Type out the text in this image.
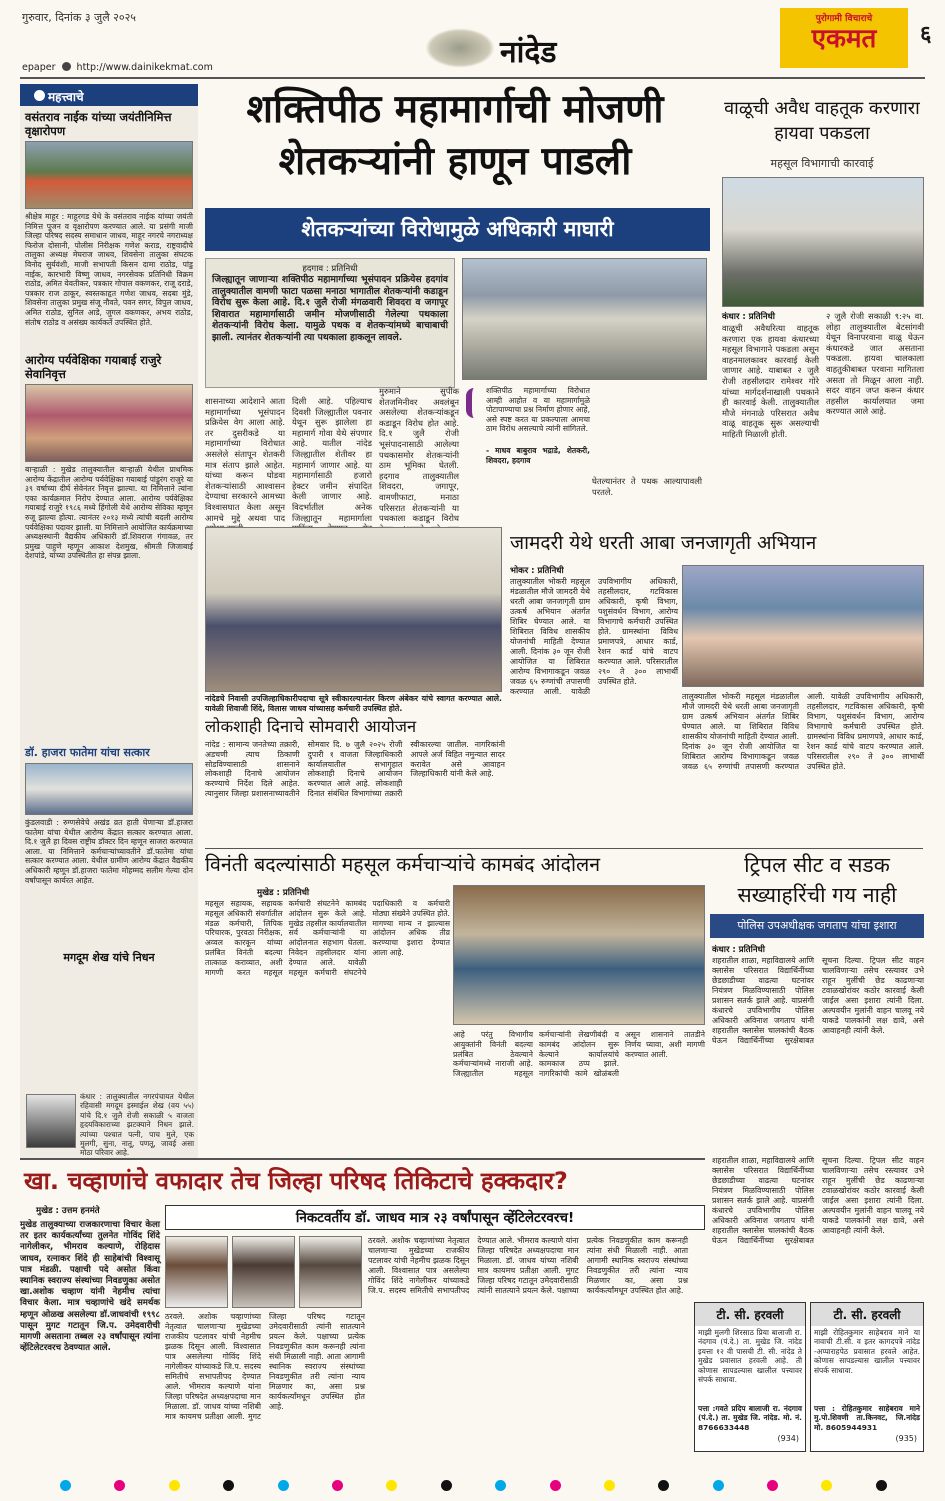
गुरुवार, दिनांक ३ जुलै २०२५
नांदेड
epaper http://www.dainikekmat.com
पुरोगामी विचाराचे
एकमत	६
महत्त्वाचे
वसंतराव नाईक यांच्या जयंतीनिमित्त वृक्षारोपण
श्रीक्षेत्र माहूर : माहूरगड येथे के वसंतराव नाईक यांच्या जयंती निमित्त पूजन व वृक्षारोपण करण्यात आले. या प्रसंगी माजी जिल्हा परिषद सदस्य समाधान जाधव, माहूर नगरचे नगराध्यक्ष फिरोज दोसानी, पोलीस निरीक्षक गणेश कराड, राष्ट्रवादीचे तालुका अध्यक्ष मेघराज जाधव, शिवसेना तालुका संघटक विनोद सुर्यवंशी, माजी सभापती किसन दामा राठोड, पांडु नाईक, कारभारी विष्णु जाधव, नगरसेवक प्रतिनिधी विक्रम राठोड, अमित येवतीकर, पत्रकार गोपाल वकणकर, राजू दराडे, पत्रकार राज ठाकूर, स्वस्तकाहृत गणेश जाधव, सदबा मुंडे, शिवसेना तालुका प्रमुख संजू नौवते, पवन सगर, विपुल जाधव, अमित राठोड, सुनिल आडे, जुगल वकणकर, अभय राठोड, संतोष राठोड व असंख्य कार्यकर्ते उपस्थित होते.
आरोग्य पर्यवेक्षिका गयाबाई राजुरे सेवानिवृत्त
बाऱ्हाळी : मुखेड तालुक्यातील बाऱ्हाळी येथील प्राथमिक आरोग्य केंद्रातील आरोग्य पर्यवेक्षिका गयाबाई पांडुरंग राजुरे या ३९ वर्षाच्या दीर्घ सेवेनंतर निवृत्त झाल्या. या निमित्ताने त्यांना एका कार्यक्रमात निरोप देण्यात आला. आरोग्य पर्यवेक्षिका गयाबाई राजुरे १९८६ मध्ये हिंगोली येथे आरोग्य सेविका म्हणून रुजू झाल्या होत्या. त्यानंतर २०१३ मध्ये त्यांची बदली आरोग्य पर्यवेक्षिका पदावर झाली. या निमित्ताने आयोजित कार्यक्रमाच्या अध्यक्षस्थानी वैद्यकीय अधिकारी डॉ.शिवराज गंगावळ, तर प्रमुख पाहुणे म्हणून आकाश देशमुख, श्रीमती जिजाबाई देशपांडे, यांच्या उपस्थितीत हा संपन्न झाला.
डॉ. हाजरा फातेमा यांचा सत्कार
कुंडलवाडी : रुग्णसेवेचे अखंड व्रत हाती घेणाऱ्या डॉ.हाजरा फातेमा यांचा येथील आरोग्य केंद्रात सत्कार करण्यात आला. दि.१ जुलै हा दिवस राष्ट्रीय डॉक्टर दिन म्हणून साजरा करण्यात आला. या निमित्ताने कर्मचाऱ्यांच्यावतीने डॉ.फातेमा यांचा सत्कार करण्यात आला. येथील ग्रामीण आरोग्य केंद्रात वैद्यकीय अधिकारी म्हणून डॉ.हाजरा फातेमा मोहम्मद सलीम गेल्या दोन वर्षांपासून कार्यरत आहेत.
मगदूम शेख यांचे निधन
कंधार : तालुक्यातील नगरपंचायत येथील रहिवासी मगदूम इस्माईल शेख (वय ५५) यांचे दि.१ जुलै रोजी सकाळी ५ वाजता हृदयविकाराच्या झटक्याने निधन झाले. त्यांच्या पश्चात पत्नी, पाच मुले, एक मुलगी, सुना, नातू, पणतू, जावई असा मोठा परिवार आहे.
शक्तिपीठ महामार्गाची मोजणी
शेतकऱ्यांनी हाणून पाडली
शेतकऱ्यांच्या विरोधामुळे अधिकारी माघारी
हदगाव : प्रतिनिधी
जिल्ह्यातून जाणाऱ्या शक्तिपीठ महामार्गाच्या भूसंपादन प्रक्रियेस हदगांव तालुक्यातील वामणी फाटा पळसा मनाठा भागातील शेतकऱ्यांनी कडाडून विरोध सुरू केला आहे. दि.१ जुलै रोजी मंगळवारी शिवदरा व जगापूर शिवारात महामार्गासाठी जमीन मोजणीसाठी गेलेल्या पथकाला शेतकऱ्यांनी विरोध केला. यामुळे पथक व शेतकऱ्यांमध्ये बाचाबाची झाली. त्यानंतर शेतकऱ्यांनी त्या पथकाला हाकलून लावले.
शासनाच्या आदेशाने आता महामार्गाच्या भूसंपादन प्रक्रियेस वेग आला आहे. तर दुसरीकडे या महामार्गाच्या विरोधात असलेले संतापून शेतकरी मात्र संताप झाले आहेत. यांच्या करून घोडवा शेतकऱ्यांसाठी आश्वासन देण्याचा सरकारने आमच्या विश्वासघात केला असून आमचे मुद्दे अथवा पाद
दिली आहे. पहिल्याच दिवशी जिल्ह्यातील पवनार येथून सुरू झालेला हा महामार्ग गोवा येथे संपणार आहे. यातील नांदेड जिल्ह्यातील शेतीवर हा महामार्ग जाणार आहे. या महामार्गासाठी हजारो हेक्टर जमीन संपादित केली जाणार आहे. विदर्भातील अनेक जिल्ह्यातून महामार्गाला
मुरुमाने सुपीक शेतजमिनीवर अवलंबून असलेल्या शेतकऱ्यांकडून कडाडून विरोध होत आहे. दि.१ जुलै रोजी भूसंपादनासाठी आलेल्या पथकासमोर शेतकऱ्यांनी ठाम भूमिका घेतली. हदगाव तालुक्यातील शिवदरा, जगापूर, वामणीफाटा, मनाठा परिसरात शेतकऱ्यांनी या पथकाला कडाडून विरोध
शक्तिपीठ महामार्गाच्या विरोधात आम्ही आहोत व या महामार्गामुळे पोटापाण्याचा प्रश्न निर्माण होणार आहे, असे स्पष्ट करत या प्रकल्पाला आमचा ठाम विरोध असल्याचे त्यांनी सांगितले.
- माधव बाबुराव भद्राडे, शेतकरी, शिवदरा, हदगाव
घेतल्यानंतर ते पथक आल्यापावली परतले.
वाळूची अवैध वाहतूक करणारा हायवा पकडला
महसूल विभागाची कारवाई
कंधार : प्रतिनिधी
वाळूची अवैधरित्या वाहतूक करणारा एक हायवा कंधारच्या महसूल विभागाने पकडला असून वाहनमालकावर कारवाई केली जाणार आहे. याबाबत २ जुलै रोजी तहसीलदार रामेश्वर गोरे यांच्या मार्गदर्शनाखाली पथकाने ही कारवाई केली. तालुक्यातील मौजे मंगनाळे परिसरात अवैध वाळू वाहतूक सुरू असल्याची माहिती मिळाली होती.
२ जुलै रोजी सकाळी ९:२५ वा. लोहा तालुक्यातील बेटसांगवी येथून विनापरवाना वाळू घेऊन कंधारकडे जात असताना पकडला. हायवा चालकाला वाहतुकीबाबत परवाना मागितला असता तो मिळून आला नाही. सदर वाहन जप्त करून कंधार तहसील कार्यालयात जमा करण्यात आले आहे.
नांदेडचे निवासी उपजिल्हाधिकारीपदाचा सूत्रे स्वीकारल्यानंतर किरण अंबेकर यांचे स्वागत करण्यात आले. यावेळी शिवाजी शिंदे, विलास जाधव यांच्यासह कर्मचारी उपस्थित होते.
लोकशाही दिनाचे सोमवारी आयोजन
नांदेड : सामान्य जनतेच्या तक्रारी, अडचणी त्याच ठिकाणी सोडविण्यासाठी शासनाने लोकशाही दिनाचे आयोजन करण्याचे निर्देश दिले आहेत. त्यानुसार जिल्हा प्रशासनाच्यावतीने सोमवार दि. ७ जुलै २०२५ रोजी दुपारी १ वाजता जिल्हाधिकारी कार्यालयातील सभागृहात लोकशाही दिनाचे आयोजन करण्यात आले आहे. लोकशाही दिनात संबंधित विभागांच्या तक्रारी स्वीकारल्या जातील. नागरिकांनी आपले अर्ज विहित नमुन्यात सादर करावेत असे आवाहन जिल्हाधिकारी यांनी केले आहे.
जामदरी येथे धरती आबा जनजागृती अभियान
भोकर : प्रतिनिधी
तालुक्यातील भोकरी महसूल मंडळातील मौजे जामदरी येथे धरती आबा जनजागृती ग्राम उत्कर्ष अभियान अंतर्गत शिबिर घेण्यात आले. या शिबिरात विविध शासकीय योजनांची माहिती देण्यात आली. दिनांक ३० जून रोजी आयोजित या शिबिरात आरोग्य विभागाकडून जवळ जवळ ६५ रुग्णांची तपासणी करण्यात आली. यावेळी उपविभागीय अधिकारी, तहसीलदार, गटविकास अधिकारी, कृषी विभाग, पशुसंवर्धन विभाग, आरोग्य विभागाचे कर्मचारी उपस्थित होते. ग्रामस्थांना विविध प्रमाणपत्रे, आधार कार्ड, रेशन कार्ड यांचे वाटप करण्यात आले. परिसरातील २९० ते ३०० लाभार्थी उपस्थित होते.
तालुक्यातील भोकरी महसूल मंडळातील मौजे जामदरी येथे धरती आबा जनजागृती ग्राम उत्कर्ष अभियान अंतर्गत शिबिर घेण्यात आले. या शिबिरात विविध शासकीय योजनांची माहिती देण्यात आली. दिनांक ३० जून रोजी आयोजित या शिबिरात आरोग्य विभागाकडून जवळ जवळ ६५ रुग्णांची तपासणी करण्यात आली. यावेळी उपविभागीय अधिकारी, तहसीलदार, गटविकास अधिकारी, कृषी विभाग, पशुसंवर्धन विभाग, आरोग्य विभागाचे कर्मचारी उपस्थित होते. ग्रामस्थांना विविध प्रमाणपत्रे, आधार कार्ड, रेशन कार्ड यांचे वाटप करण्यात आले. परिसरातील २९० ते ३०० लाभार्थी उपस्थित होते.
विनंती बदल्यांसाठी महसूल कर्मचाऱ्यांचे कामबंद आंदोलन
मुखेड : प्रतिनिधी
महसूल सहायक, सहायक महसूल अधिकारी संवर्गातील मंडळ कर्मचारी, लिपिक परिचारक, पुरवठा निरीक्षक, अव्वल कारकून यांच्या प्रलंबित विनंती बदल्या तात्काळ कराव्यात, अशी मागणी करत महसूल कर्मचारी संघटनेने कामबंद आंदोलन सुरू केले आहे. मुखेड तहसील कार्यालयातील सर्व कर्मचाऱ्यांनी या आंदोलनात सहभाग घेतला. निवेदन तहसीलदार यांना देण्यात आले. यावेळी महसूल कर्मचारी संघटनेचे पदाधिकारी व कर्मचारी मोठ्या संख्येने उपस्थित होते. मागण्या मान्य न झाल्यास आंदोलन अधिक तीव्र करण्याचा इशारा देण्यात आला आहे.
आहे परंतु विभागीय आयुक्तांनी विनंती बदल्या प्रलंबित ठेवल्याने कर्मचाऱ्यांमध्ये नाराजी आहे. जिल्ह्यातील महसूल कर्मचाऱ्यांनी लेखणीबंदी व कामबंद आंदोलन सुरू केल्याने कार्यालयांचे कामकाज ठप्प झाले. नागरिकांची कामे खोळंबली असून शासनाने तातडीने निर्णय घ्यावा, अशी मागणी करण्यात आली.
ट्रिपल सीट व सडक सख्याहरिंची गय नाही
पोलिस उपअधीक्षक जगताप यांचा इशारा
कंधार : प्रतिनिधी
शहरातील शाळा, महाविद्यालये आणि क्लासेस परिसरात विद्यार्थिनींच्या छेडछाडीच्या वाढत्या घटनांवर नियंत्रण मिळविण्यासाठी पोलिस प्रशासन सतर्क झाले आहे. याप्रसंगी कंधारचे उपविभागीय पोलिस अधिकारी अविनाश जगताप यांनी शहरातील क्लासेस चालकांची बैठक घेऊन विद्यार्थिनींच्या सुरक्षेबाबत सूचना दिल्या. ट्रिपल सीट वाहन चालविणाऱ्या तसेच रस्त्यावर उभे राहून मुलींची छेड काढणाऱ्या टवाळखोरांवर कठोर कारवाई केली जाईल असा इशारा त्यांनी दिला. अल्पवयीन मुलांनी वाहन चालवू नये याकडे पालकांनी लक्ष द्यावे, असे आवाहनही त्यांनी केले.
शहरातील शाळा, महाविद्यालये आणि क्लासेस परिसरात विद्यार्थिनींच्या छेडछाडीच्या वाढत्या घटनांवर नियंत्रण मिळविण्यासाठी पोलिस प्रशासन सतर्क झाले आहे. याप्रसंगी कंधारचे उपविभागीय पोलिस अधिकारी अविनाश जगताप यांनी शहरातील क्लासेस चालकांची बैठक घेऊन विद्यार्थिनींच्या सुरक्षेबाबत सूचना दिल्या. ट्रिपल सीट वाहन चालविणाऱ्या तसेच रस्त्यावर उभे राहून मुलींची छेड काढणाऱ्या टवाळखोरांवर कठोर कारवाई केली जाईल असा इशारा त्यांनी दिला. अल्पवयीन मुलांनी वाहन चालवू नये याकडे पालकांनी लक्ष द्यावे, असे आवाहनही त्यांनी केले.
खा. चव्हाणांचे वफादार तेच जिल्हा परिषद तिकिटाचे हक्कदार?
मुखेड : उत्तम हनमंते	निकटवर्तीय डॉ. जाधव मात्र २३ वर्षांपासून व्हेंटिलेटरवरच!
मुखेड तालुक्याच्या राजकारणाचा विचार केला तर इतर कार्यकर्त्यांच्या तुलनेत गोविंद शिंदे नागेलीकर, भीमराव कल्याणे, रोहिदास जाधव, रत्नाकर शिंदे ही साहेबांची विश्वासू पात्र मंडळी. पक्षाची पदे असोत किंवा स्थानिक स्वराज्य संस्थांच्या निवडणुका असोत खा.अशोक चव्हाण यांनी नेहमीच त्यांचा विचार केला. मात्र चव्हाणांचे खंदे समर्थक म्हणून ओळख असलेल्या डॉ.जाधवांची १९९८ पासून मुगट गटातून जि.प. उमेदवारीची मागणी असताना तब्बल २३ वर्षांपासून त्यांना व्हेंटिलेटरवरच ठेवण्यात आले.
ठरवले. अशोक चव्हाणांच्या नेतृत्वात चालणाऱ्या मुखेडच्या राजकीय पटलावर यांची नेहमीच झळक दिसून आली. विश्वासात पात्र असलेल्या गोविंद शिंदे नागेलीकर यांच्याकडे जि.प. सदस्य समितीचे सभापतीपद देण्यात आले. भीमराव कल्याणे यांना जिल्हा परिषदेत अध्यक्षपदाचा मान मिळाला. डॉ. जाधव यांच्या नशिबी मात्र कायमच प्रतीक्षा आली. मुगट जिल्हा परिषद गटातून उमेदवारीसाठी त्यांनी सातत्याने प्रयत्न केले. पक्षाच्या प्रत्येक निवडणुकीत काम करूनही त्यांना संधी मिळाली नाही. आता आगामी स्थानिक स्वराज्य संस्थांच्या निवडणुकीत तरी त्यांना न्याय मिळणार का, असा प्रश्न कार्यकर्त्यांमधून उपस्थित होत आहे.
ठरवले. अशोक चव्हाणांच्या नेतृत्वात चालणाऱ्या मुखेडच्या राजकीय पटलावर यांची नेहमीच झळक दिसून आली. विश्वासात पात्र असलेल्या गोविंद शिंदे नागेलीकर यांच्याकडे जि.प. सदस्य समितीचे सभापतीपद देण्यात आले. भीमराव कल्याणे यांना जिल्हा परिषदेत अध्यक्षपदाचा मान मिळाला. डॉ. जाधव यांच्या नशिबी मात्र कायमच प्रतीक्षा आली. मुगट जिल्हा परिषद गटातून उमेदवारीसाठी त्यांनी सातत्याने प्रयत्न केले. पक्षाच्या प्रत्येक निवडणुकीत काम करूनही त्यांना संधी मिळाली नाही. आता आगामी स्थानिक स्वराज्य संस्थांच्या निवडणुकीत तरी त्यांना न्याय मिळणार का, असा प्रश्न कार्यकर्त्यांमधून उपस्थित होत आहे.
टी. सी. हरवली
माझी मुलगी शिरसाठ प्रिया बालाजी रा. नंदगाव (पं.दे.) ता. मुखेड जि. नांदेड इयत्ता १२ वी पासची टी. सी. नांदेड ते मुखेड प्रवासात हरवली आहे. ती कोणास सापडल्यास खालील पत्त्यावर संपर्क साधावा.
पत्ता :गवते प्रदिप बालाजी रा. नंदगाव (पं.दे.) ता. मुखेड जि. नांदेड. मो. नं. 8766633448
(934)
टी. सी. हरवली
माझी रोहितकुमार साहेबराव माने या नावाची टी.सी. व इतर कागदपत्रे नांदेड -अप्पाराहपेठ प्रवासात हरवले आहेत. कोणास सापडल्यास खालील पत्त्यावर संपर्क साधावा.
पत्ता : रोहितकुमार साहेबराव माने मु.पो.शिवणी ता.किनवट, जि.नांदेड मो. 8605944931
(935)
